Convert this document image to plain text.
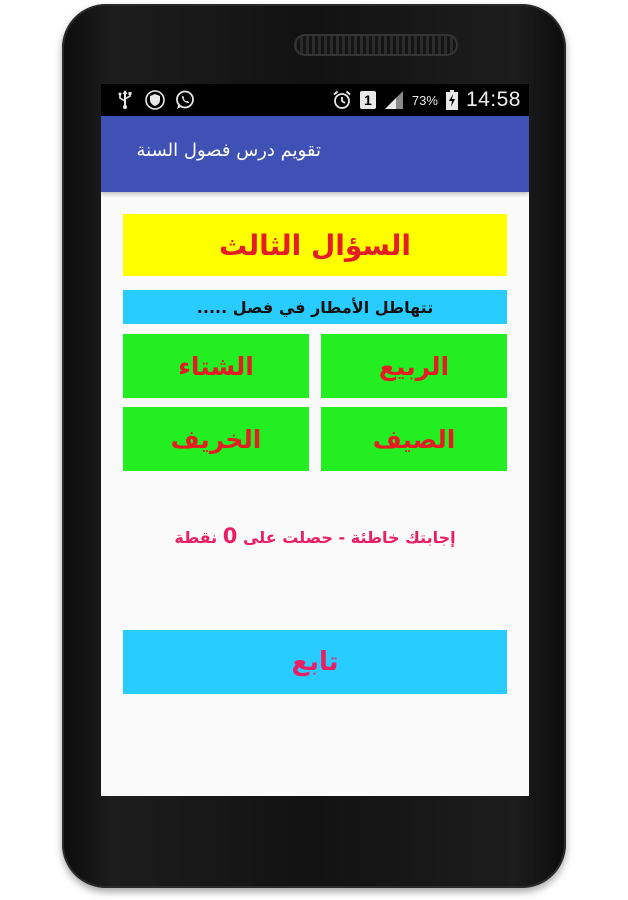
1	73% 14:58
تقويم درس فصول السنة
السؤال الثالث
تتهاطل الأمطار في فصل .....
الربيع
الشتاء
الصيف
الخريف
إجابتك خاطئة - حصلت على 0 نقطة
تابع
